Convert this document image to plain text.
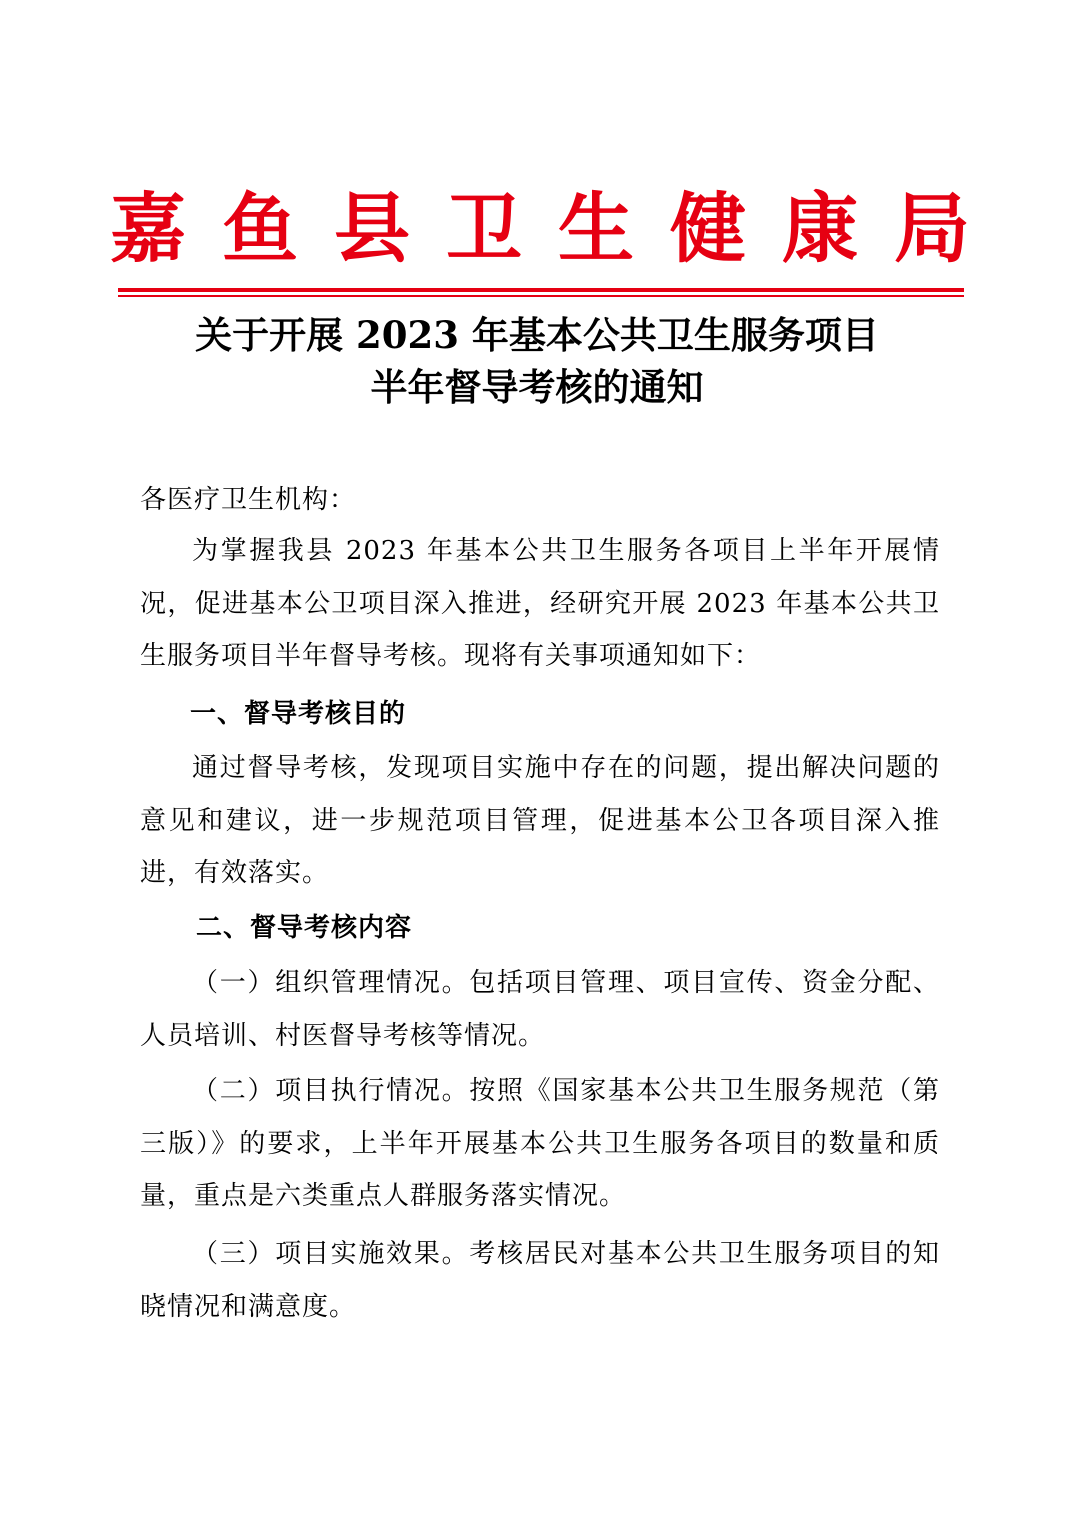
嘉 鱼 县 卫 生 健 康 局
关于开展 2023 年基本公共卫生服务项目
半年督导考核的通知
各医疗卫生机构：
为掌握我县 2023 年基本公共卫生服务各项目上半年开展情况，促进基本公卫项目深入推进，经研究开展 2023 年基本公共卫生服务项目半年督导考核。现将有关事项通知如下：
一、督导考核目的
通过督导考核，发现项目实施中存在的问题，提出解决问题的意见和建议，进一步规范项目管理，促进基本公卫各项目深入推进，有效落实。
二、督导考核内容
（一）组织管理情况。包括项目管理、项目宣传、资金分配、人员培训、村医督导考核等情况。
（二）项目执行情况。按照《国家基本公共卫生服务规范（第三版）》的要求，上半年开展基本公共卫生服务各项目的数量和质量，重点是六类重点人群服务落实情况。
（三）项目实施效果。考核居民对基本公共卫生服务项目的知晓情况和满意度。
